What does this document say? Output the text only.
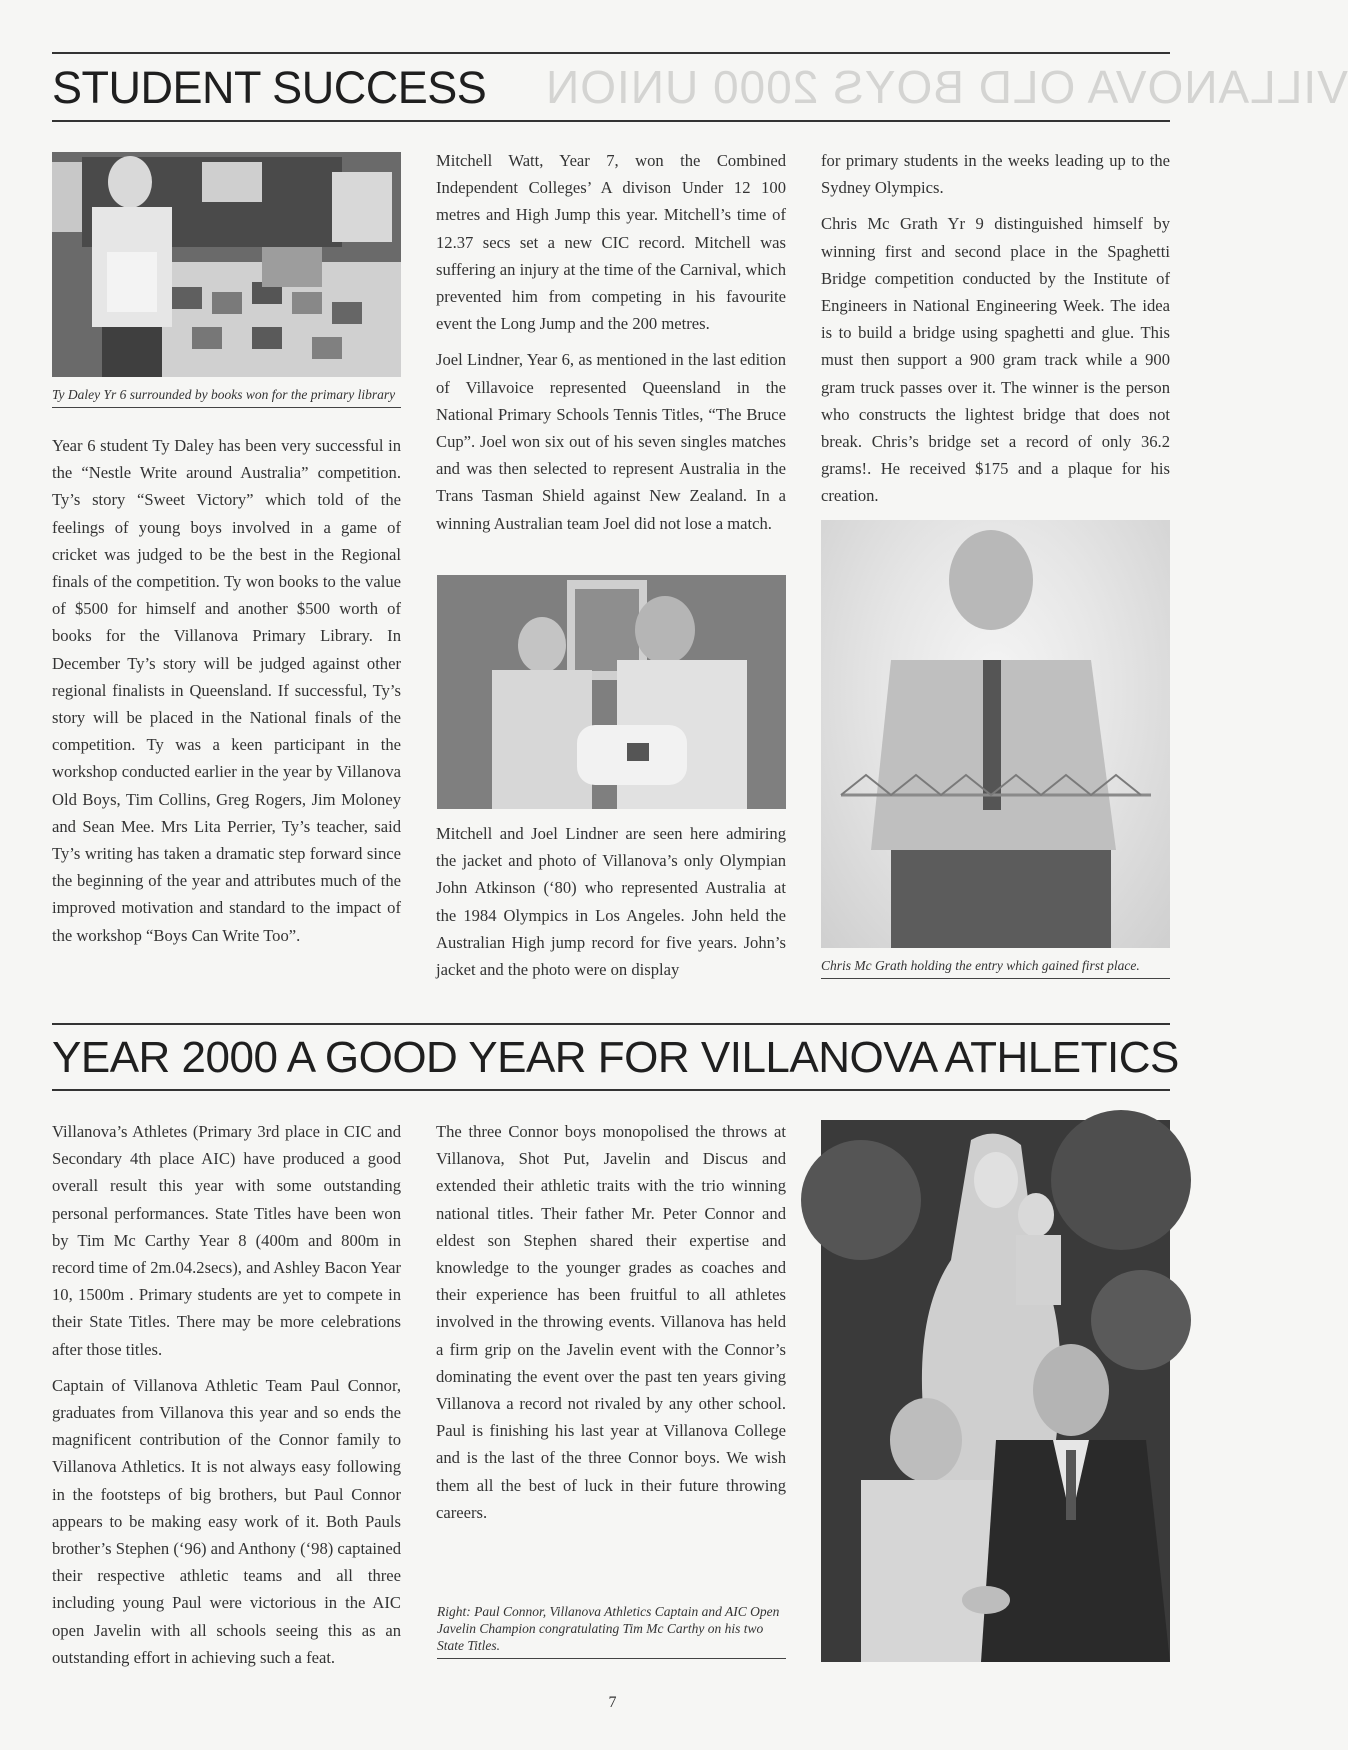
VILLANOVA OLD BOYS 2000 UNION
STUDENT SUCCESS
Ty Daley Yr 6 surrounded by books won for the primary library

Year 6 student Ty Daley has been very successful in the “Nestle Write around Australia” competition. Ty’s story “Sweet Victory” which told of the feelings of young boys involved in a game of cricket was judged to be the best in the Regional finals of the competition. Ty won books to the value of $500 for himself and another $500 worth of books for the Villanova Primary Library. In December Ty’s story will be judged against other regional finalists in Queensland. If successful, Ty’s story will be placed in the National finals of the competition. Ty was a keen participant in the workshop conducted earlier in the year by Villanova Old Boys, Tim Collins, Greg Rogers, Jim Moloney and Sean Mee. Mrs Lita Perrier, Ty’s teacher, said Ty’s writing has taken a dramatic step forward since the beginning of the year and attributes much of the improved motivation and standard to the impact of the workshop “Boys Can Write Too”.

Mitchell Watt, Year 7, won the Combined Independent Colleges’ A divison Under 12 100 metres and High Jump this year. Mitchell’s time of 12.37 secs set a new CIC record. Mitchell was suffering an injury at the time of the Carnival, which prevented him from competing in his favourite event the Long Jump and the 200 metres.

Joel Lindner, Year 6, as mentioned in the last edition of Villavoice represented Queensland in the National Primary Schools Tennis Titles, “The Bruce Cup”. Joel won six out of his seven singles matches and was then selected to represent Australia in the Trans Tasman Shield against New Zealand. In a winning Australian team Joel did not lose a match.

Mitchell and Joel Lindner are seen here admiring the jacket and photo of Villanova’s only Olympian John Atkinson (‘80) who represented Australia at the 1984 Olympics in Los Angeles. John held the Australian High jump record for five years. John’s jacket and the photo were on display

for primary students in the weeks leading up to the Sydney Olympics.

Chris Mc Grath Yr 9 distinguished himself by winning first and second place in the Spaghetti Bridge competition conducted by the Institute of Engineers in National Engineering Week. The idea is to build a bridge using spaghetti and glue. This must then support a 900 gram track while a 900 gram truck passes over it. The winner is the person who constructs the lightest bridge that does not break. Chris’s bridge set a record of only 36.2 grams!. He received $175 and a plaque for his creation.

Chris Mc Grath holding the entry which gained first place.
YEAR 2000 A GOOD YEAR FOR VILLANOVA ATHLETICS

Villanova’s Athletes (Primary 3rd place in CIC and Secondary 4th place AIC) have produced a good overall result this year with some outstanding personal performances. State Titles have been won by Tim Mc Carthy Year 8 (400m and 800m in record time of 2m.04.2secs), and Ashley Bacon Year 10, 1500m . Primary students are yet to compete in their State Titles. There may be more celebrations after those titles.

Captain of Villanova Athletic Team Paul Connor, graduates from Villanova this year and so ends the magnificent contribution of the Connor family to Villanova Athletics. It is not always easy following in the footsteps of big brothers, but Paul Connor appears to be making easy work of it. Both Pauls brother’s Stephen (‘96) and Anthony (‘98) captained their respective athletic teams and all three including young Paul were victorious in the AIC open Javelin with all schools seeing this as an outstanding effort in achieving such a feat.

The three Connor boys monopolised the throws at Villanova, Shot Put, Javelin and Discus and extended their athletic traits with the trio winning national titles. Their father Mr. Peter Connor and eldest son Stephen shared their expertise and knowledge to the younger grades as coaches and their experience has been fruitful to all athletes involved in the throwing events. Villanova has held a firm grip on the Javelin event with the Connor’s dominating the event over the past ten years giving Villanova a record not rivaled by any other school. Paul is finishing his last year at Villanova College and is the last of the three Connor boys. We wish them all the best of luck in their future throwing careers.

Right: Paul Connor, Villanova Athletics Captain and AIC Open Javelin Champion congratulating Tim Mc Carthy on his two State Titles.
7
